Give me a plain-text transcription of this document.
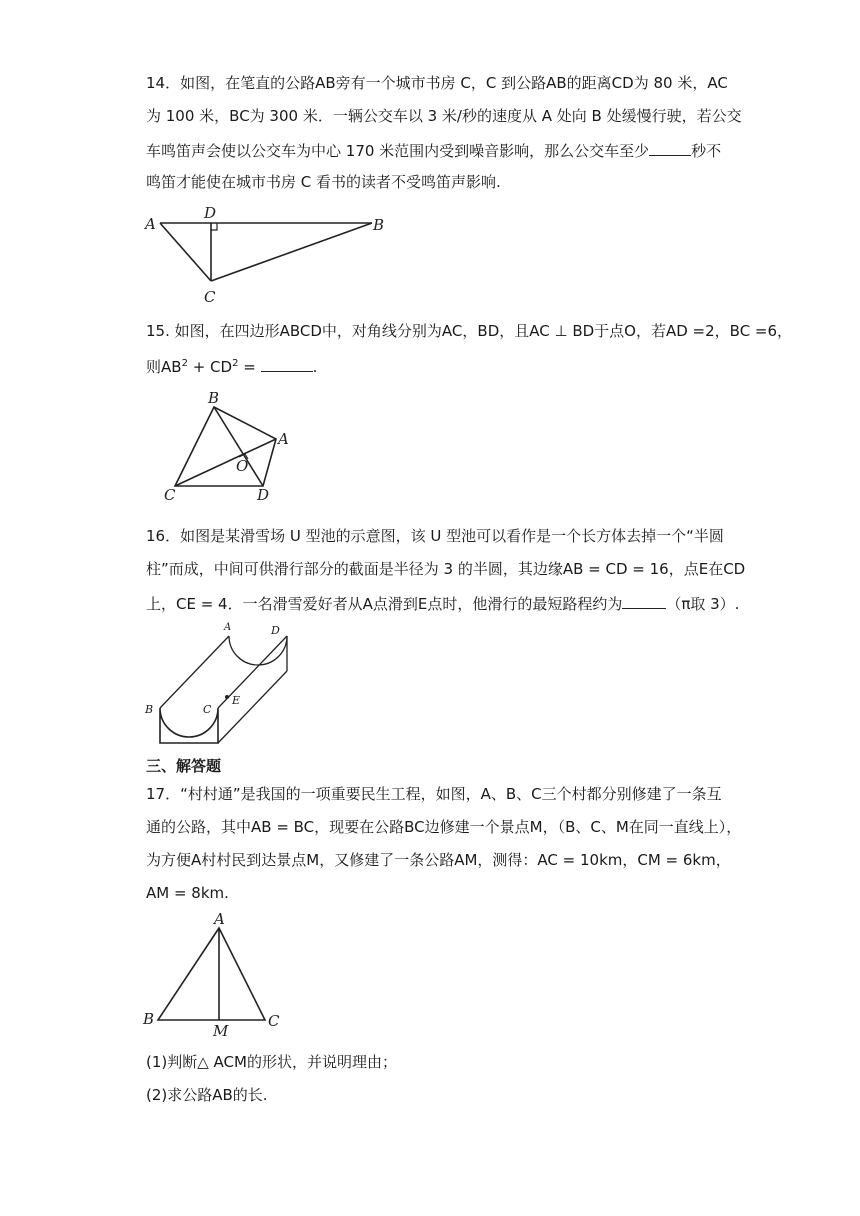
14．如图，在笔直的公路AB旁有一个城市书房 C，C 到公路AB的距离CD为 80 米，AC
为 100 米，BC为 300 米．一辆公交车以 3 米/秒的速度从 A 处向 B 处缓慢行驶，若公交
车鸣笛声会使以公交车为中心 170 米范围内受到噪音影响，那么公交车至少	秒不
鸣笛才能使在城市书房 C 看书的读者不受鸣笛声影响.
A
D
B
C
15. 如图，在四边形ABCD中，对角线分别为AC，BD，且AC ⊥ BD于点O，若AD =2，BC =6，
则$AB^2 + CD^2$ =	.
B
A
O
C	D
16．如图是某滑雪场 U 型池的示意图，该 U 型池可以看作是一个长方体去掉一个“半圆
柱”而成，中间可供滑行部分的截面是半径为 3 的半圆，其边缘AB = CD = 16，点E在CD
上，CE = 4．一名滑雪爱好者从A点滑到E点时，他滑行的最短路程约为	（π取 3）.
A	D
B	C
E
三、解答题
17．“村村通”是我国的一项重要民生工程，如图，A、B、C三个村都分别修建了一条互
通的公路，其中AB = BC，现要在公路BC边修建一个景点M，（B、C、M在同一直线上），
为方便A村村民到达景点M，又修建了一条公路AM，测得：AC = 10km，CM = 6km，
AM = 8km.
A
B
M
C
(1)判断△ ACM的形状，并说明理由；
(2)求公路AB的长.
